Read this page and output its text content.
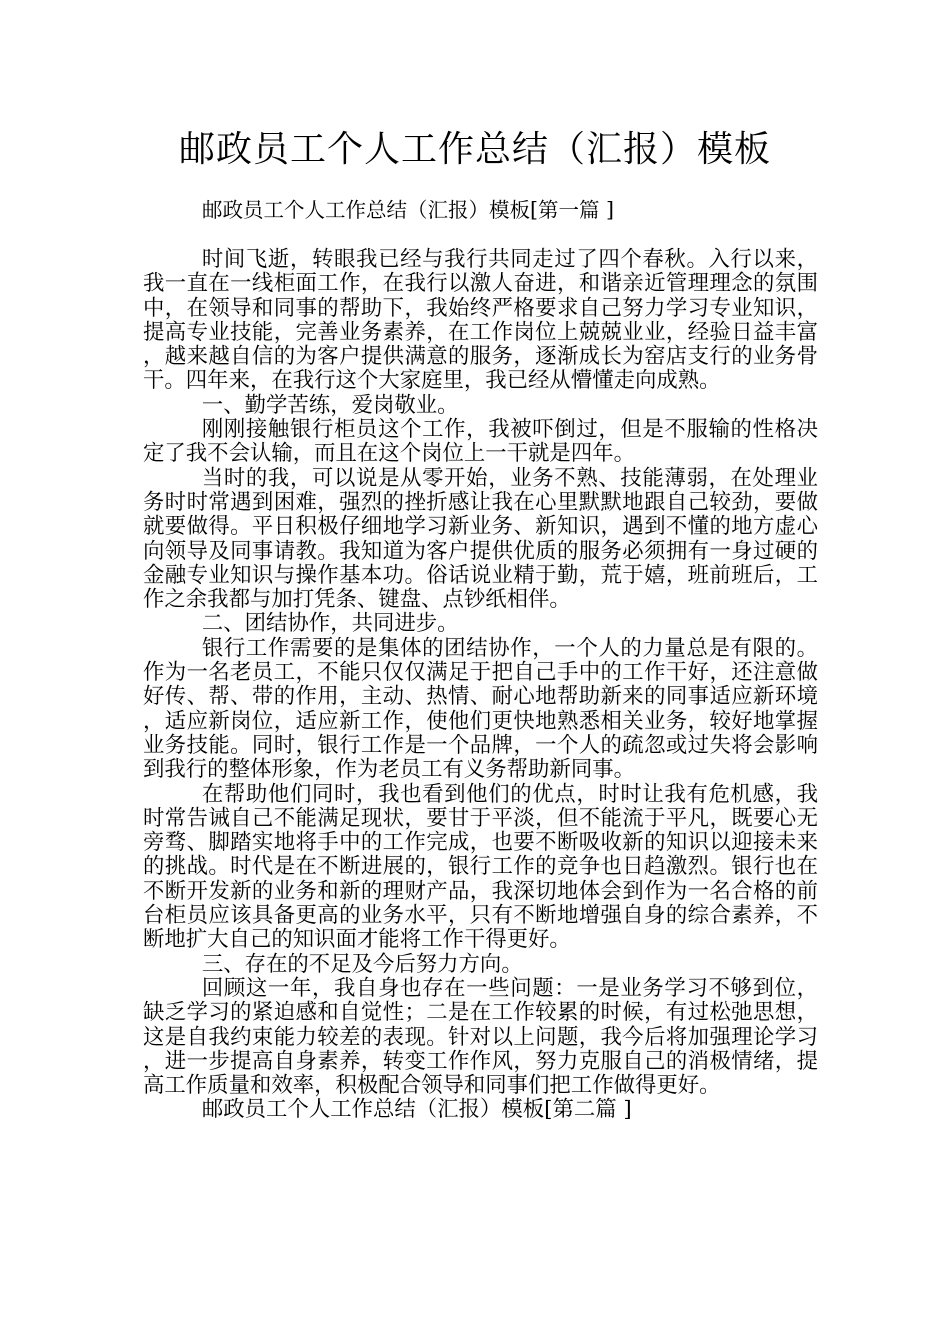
邮政员工个人工作总结（汇报）模板

邮政员工个人工作总结（汇报）模板[第一篇 ]

时间飞逝，转眼我已经与我行共同走过了四个春秋。入行以来，我一直在一线柜面工作，在我行以激人奋进，和谐亲近管理理念的氛围中，在领导和同事的帮助下，我始终严格要求自己努力学习专业知识，提高专业技能，完善业务素养，在工作岗位上兢兢业业，经验日益丰富，越来越自信的为客户提供满意的服务，逐渐成长为窑店支行的业务骨干。四年来，在我行这个大家庭里，我已经从懵懂走向成熟。

一、勤学苦练，爱岗敬业。

刚刚接触银行柜员这个工作，我被吓倒过，但是不服输的性格决定了我不会认输，而且在这个岗位上一干就是四年。

当时的我，可以说是从零开始，业务不熟、技能薄弱，在处理业务时时常遇到困难，强烈的挫折感让我在心里默默地跟自己较劲，要做就要做得。平日积极仔细地学习新业务、新知识，遇到不懂的地方虚心向领导及同事请教。我知道为客户提供优质的服务必须拥有一身过硬的金融专业知识与操作基本功。俗话说业精于勤，荒于嬉，班前班后，工作之余我都与加打凭条、键盘、点钞纸相伴。

二、团结协作，共同进步。

银行工作需要的是集体的团结协作，一个人的力量总是有限的。作为一名老员工，不能只仅仅满足于把自己手中的工作干好，还注意做好传、帮、带的作用，主动、热情、耐心地帮助新来的同事适应新环境，适应新岗位，适应新工作，使他们更快地熟悉相关业务，较好地掌握业务技能。同时，银行工作是一个品牌，一个人的疏忽或过失将会影响到我行的整体形象，作为老员工有义务帮助新同事。

在帮助他们同时，我也看到他们的优点，时时让我有危机感，我时常告诫自己不能满足现状，要甘于平淡，但不能流于平凡，既要心无旁骛、脚踏实地将手中的工作完成，也要不断吸收新的知识以迎接未来的挑战。时代是在不断进展的，银行工作的竞争也日趋激烈。银行也在不断开发新的业务和新的理财产品，我深切地体会到作为一名合格的前台柜员应该具备更高的业务水平，只有不断地增强自身的综合素养，不断地扩大自己的知识面才能将工作干得更好。

三、存在的不足及今后努力方向。

回顾这一年，我自身也存在一些问题：一是业务学习不够到位，缺乏学习的紧迫感和自觉性；二是在工作较累的时候，有过松弛思想，这是自我约束能力较差的表现。针对以上问题，我今后将加强理论学习，进一步提高自身素养，转变工作作风，努力克服自己的消极情绪，提高工作质量和效率，积极配合领导和同事们把工作做得更好。

邮政员工个人工作总结（汇报）模板[第二篇 ]
